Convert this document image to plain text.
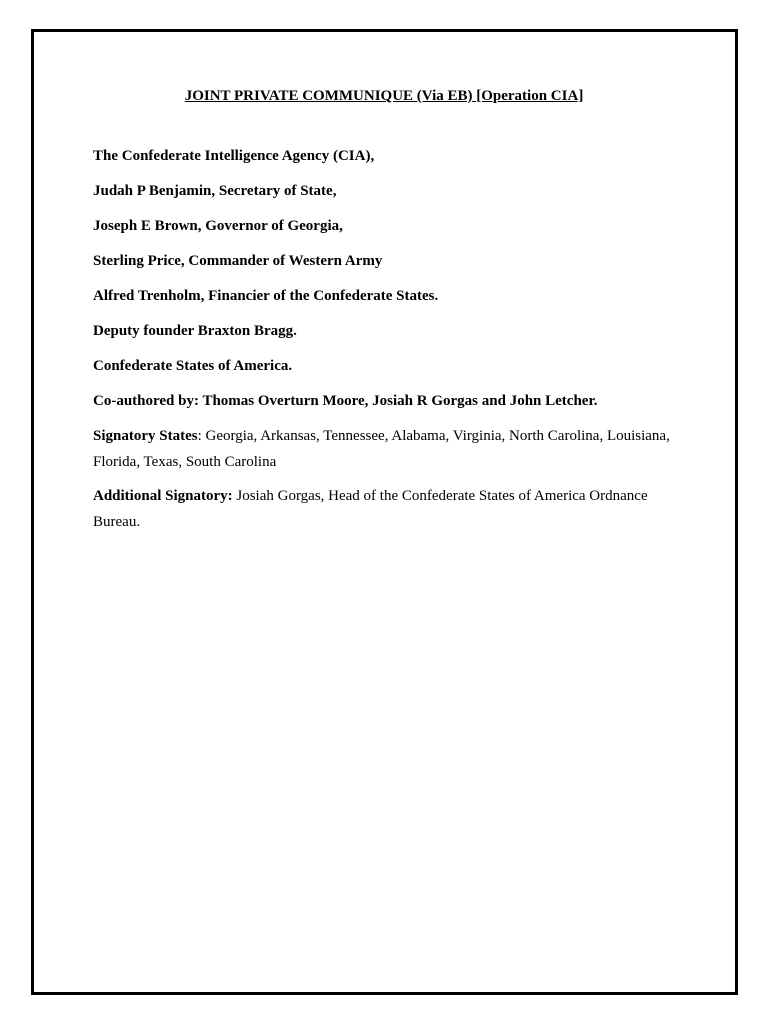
JOINT PRIVATE COMMUNIQUE (Via EB) [Operation CIA]

The Confederate Intelligence Agency (CIA),

Judah P Benjamin, Secretary of State,

Joseph E Brown, Governor of Georgia,

Sterling Price, Commander of Western Army

Alfred Trenholm, Financier of the Confederate States.

Deputy founder Braxton Bragg.

Confederate States of America.

Co-authored by: Thomas Overturn Moore, Josiah R Gorgas and John Letcher.

Signatory States: Georgia, Arkansas, Tennessee, Alabama, Virginia, North Carolina, Louisiana, Florida, Texas, South Carolina

Additional Signatory: Josiah Gorgas, Head of the Confederate States of America Ordnance Bureau.
